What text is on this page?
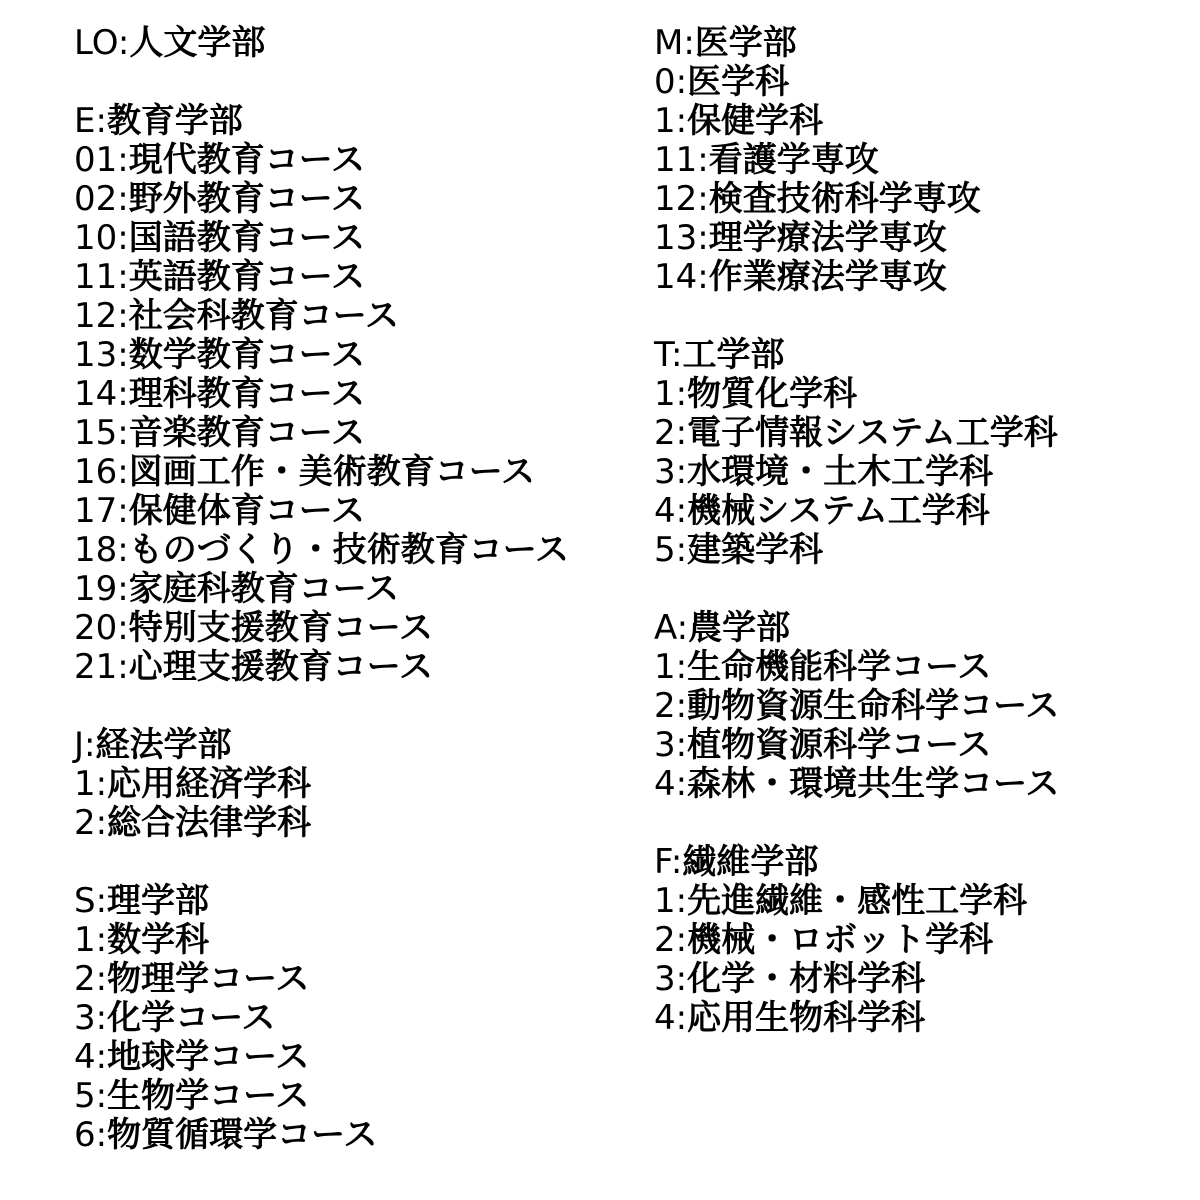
LO:人文学部
E:教育学部
01:現代教育コース
02:野外教育コース
10:国語教育コース
11:英語教育コース
12:社会科教育コース
13:数学教育コース
14:理科教育コース
15:音楽教育コース
16:図画工作・美術教育コース
17:保健体育コース
18:ものづくり・技術教育コース
19:家庭科教育コース
20:特別支援教育コース
21:心理支援教育コース
J:経法学部
1:応用経済学科
2:総合法律学科
S:理学部
1:数学科
2:物理学コース
3:化学コース
4:地球学コース
5:生物学コース
6:物質循環学コース
M:医学部
0:医学科
1:保健学科
11:看護学専攻
12:検査技術科学専攻
13:理学療法学専攻
14:作業療法学専攻
T:工学部
1:物質化学科
2:電子情報システム工学科
3:水環境・土木工学科
4:機械システム工学科
5:建築学科
A:農学部
1:生命機能科学コース
2:動物資源生命科学コース
3:植物資源科学コース
4:森林・環境共生学コース
F:繊維学部
1:先進繊維・感性工学科
2:機械・ロボット学科
3:化学・材料学科
4:応用生物科学科
